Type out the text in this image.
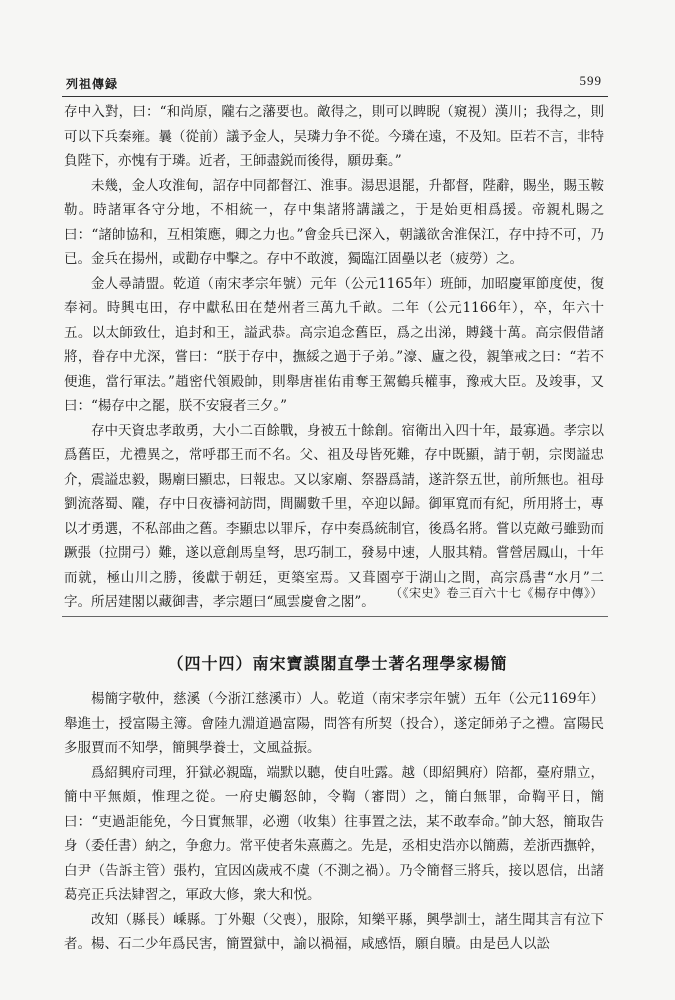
列祖傳録	599

存中入對，曰：“和尚原，隴右之藩要也。敵得之，則可以睥睨（窺視）漢川；我得之，則可以下兵秦雍。曩（從前）議予金人，吴璘力争不從。今璘在遠，不及知。臣若不言，非特負陛下，亦愧有于璘。近者，王師盡鋭而後得，願毋棄。”

未幾，金人攻淮甸，詔存中同都督江、淮事。湯思退罷，升都督，陛辭，賜坐，賜玉鞍勒。時諸軍各守分地，不相統一，存中集諸將講議之，于是始更相爲援。帝親札賜之曰：“諸帥協和，互相策應，卿之力也。”會金兵已深入，朝議欲舍淮保江，存中持不可，乃已。金兵在揚州，或勸存中擊之。存中不敢渡，獨臨江固壘以老（疲勞）之。

金人尋請盟。乾道（南宋孝宗年號）元年（公元1165年）班師，加昭慶軍節度使，復奉祠。時興屯田，存中獻私田在楚州者三萬九千畝。二年（公元1166年），卒，年六十五。以太師致仕，追封和王，謚武恭。高宗追念舊臣，爲之出涕，賻錢十萬。高宗假借諸將，眷存中尤深，嘗曰：“朕于存中，撫綏之過于子弟。”濠、廬之役，親筆戒之曰：“若不便進，當行軍法。”趙密代領殿帥，則舉唐崔佑甫奪王駕鶴兵權事，豫戒大臣。及竣事，又曰：“楊存中之罷，朕不安寢者三夕。”

存中天資忠孝敢勇，大小二百餘戰，身被五十餘創。宿衛出入四十年，最寡過。孝宗以爲舊臣，尤禮異之，常呼郡王而不名。父、祖及母皆死難，存中既顯，請于朝，宗閔謚忠介，震謚忠毅，賜廟曰顯忠，曰報忠。又以家廟、祭器爲請，遂許祭五世，前所無也。祖母劉流落蜀、隴，存中日夜禱祠訪問，間關數千里，卒迎以歸。御軍寬而有紀，所用將士，專以才勇選，不私部曲之舊。李顯忠以罪斥，存中奏爲統制官，後爲名將。嘗以克敵弓雖勁而蹶張（拉開弓）難，遂以意創馬皇弩，思巧制工，發易中速，人服其精。嘗營居鳳山，十年而就，極山川之勝，後獻于朝廷，更築室焉。又葺園亭于湖山之間，高宗爲書“水月”二字。所居建閣以藏御書，孝宗題曰“風雲慶會之閣”。

（《宋史》卷三百六十七《楊存中傳》）
（四十四）南宋寶謨閣直學士著名理學家楊簡

楊簡字敬仲，慈溪（今浙江慈溪市）人。乾道（南宋孝宗年號）五年（公元1169年）舉進士，授富陽主簿。會陸九淵道過富陽，問答有所契（投合），遂定師弟子之禮。富陽民多服賈而不知學，簡興學養士，文風益振。

爲紹興府司理，犴獄必親臨，端默以聽，使自吐露。越（即紹興府）陪都，臺府鼎立，簡中平無頗，惟理之從。一府史觸怒帥，令鞫（審問）之，簡白無罪，命鞫平日，簡曰：“吏過詎能免，今日實無罪，必遡（收集）往事置之法，某不敢奉命。”帥大怒，簡取告身（委任書）納之，争愈力。常平使者朱熹薦之。先是，丞相史浩亦以簡薦，差浙西撫幹，白尹（告訴主管）張杓，宜因凶歲戒不虞（不測之禍）。乃令簡督三將兵，接以恩信，出諸葛亮正兵法肄習之，軍政大修，衆大和悦。

改知（縣長）嵊縣。丁外艱（父喪），服除，知樂平縣，興學訓士，諸生聞其言有泣下者。楊、石二少年爲民害，簡置獄中，諭以禍福，咸感悟，願自贖。由是邑人以訟
